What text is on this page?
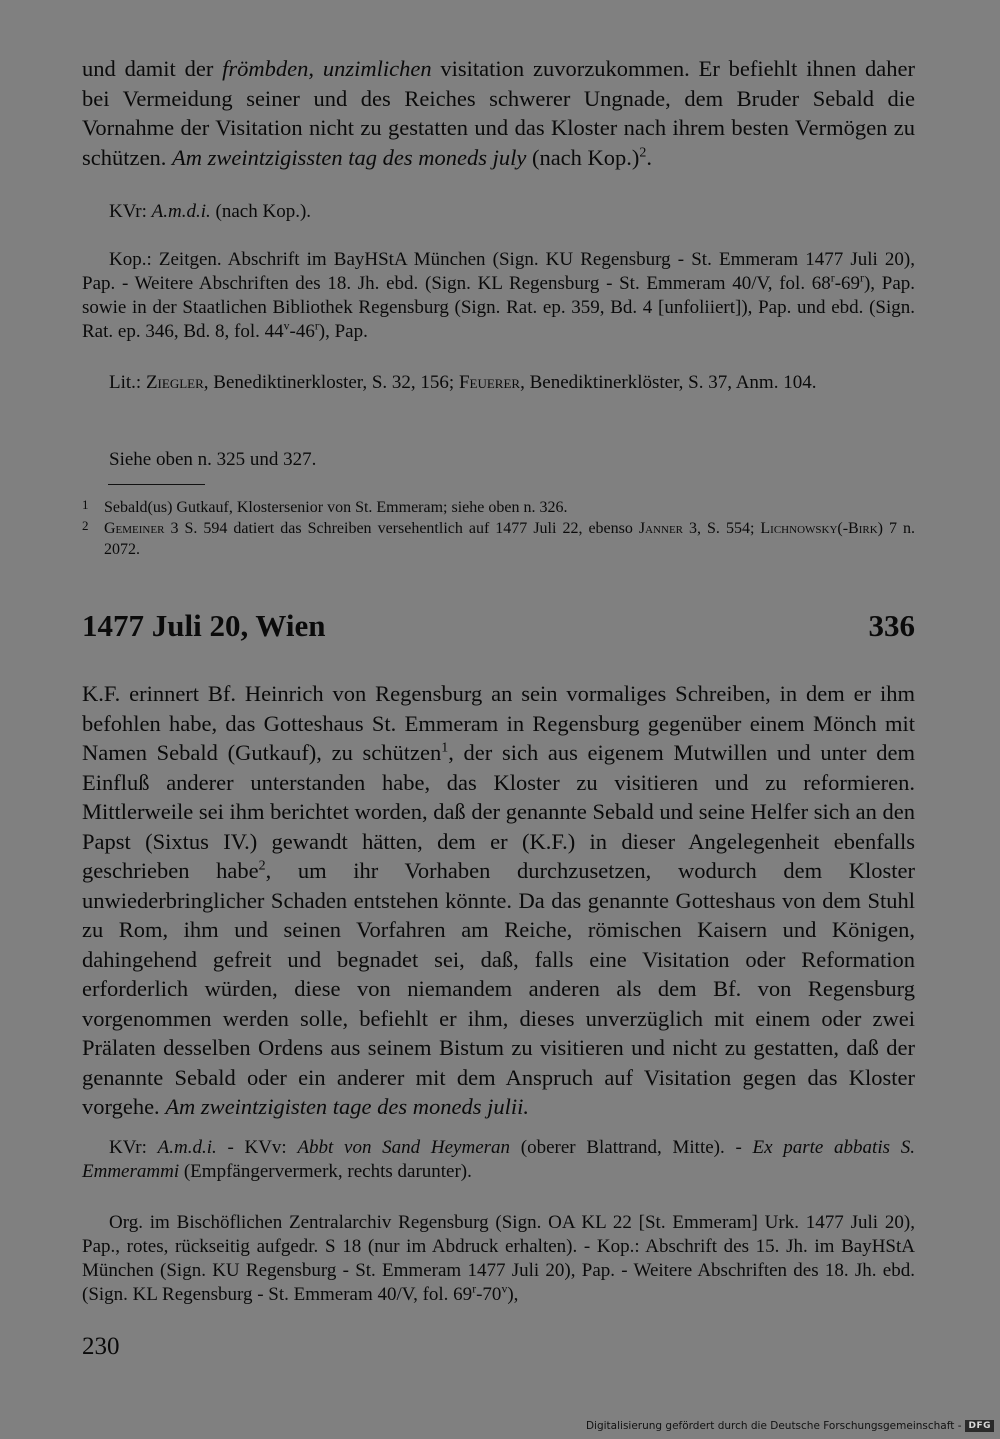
und damit der frömbden, unzimlichen visitation zuvorzukommen. Er befiehlt ihnen daher bei Vermeidung seiner und des Reiches schwerer Ungnade, dem Bruder Sebald die Vornahme der Visitation nicht zu gestatten und das Kloster nach ihrem besten Vermögen zu schützen. Am zweintzigissten tag des moneds july (nach Kop.)$^2$.

KVr: A.m.d.i. (nach Kop.).

Kop.: Zeitgen. Abschrift im BayHStA München (Sign. KU Regensburg - St. Emmeram 1477 Juli 20), Pap. - Weitere Abschriften des 18. Jh. ebd. (Sign. KL Regensburg - St. Emmeram 40/V, fol. 68$^r$-69$^r$), Pap. sowie in der Staatlichen Bibliothek Regensburg (Sign. Rat. ep. 359, Bd. 4 [unfoliiert]), Pap. und ebd. (Sign. Rat. ep. 346, Bd. 8, fol. 44$^v$-46$^r$), Pap.

Lit.: Ziegler, Benediktinerkloster, S. 32, 156; Feuerer, Benediktinerklöster, S. 37, Anm. 104.

Siehe oben n. 325 und 327.

1 Sebald(us) Gutkauf, Klostersenior von St. Emmeram; siehe oben n. 326.
2 Gemeiner 3 S. 594 datiert das Schreiben versehentlich auf 1477 Juli 22, ebenso Janner 3, S. 554; Lichnowsky(-Birk) 7 n. 2072.
1477 Juli 20, Wien	336

K.F. erinnert Bf. Heinrich von Regensburg an sein vormaliges Schreiben, in dem er ihm befohlen habe, das Gotteshaus St. Emmeram in Regensburg gegenüber einem Mönch mit Namen Sebald (Gutkauf), zu schützen$^1$, der sich aus eigenem Mutwillen und unter dem Einfluß anderer unterstanden habe, das Kloster zu visitieren und zu reformieren. Mittlerweile sei ihm berichtet worden, daß der genannte Sebald und seine Helfer sich an den Papst (Sixtus IV.) gewandt hätten, dem er (K.F.) in dieser Angelegenheit ebenfalls geschrieben habe$^2$, um ihr Vorhaben durchzusetzen, wodurch dem Kloster unwiederbringlicher Schaden entstehen könnte. Da das genannte Gotteshaus von dem Stuhl zu Rom, ihm und seinen Vorfahren am Reiche, römischen Kaisern und Königen, dahingehend gefreit und begnadet sei, daß, falls eine Visitation oder Reformation erforderlich würden, diese von niemandem anderen als dem Bf. von Regensburg vorgenommen werden solle, befiehlt er ihm, dieses unverzüglich mit einem oder zwei Prälaten desselben Ordens aus seinem Bistum zu visitieren und nicht zu gestatten, daß der genannte Sebald oder ein anderer mit dem Anspruch auf Visitation gegen das Kloster vorgehe. Am zweintzigisten tage des moneds julii.

KVr: A.m.d.i. - KVv: Abbt von Sand Heymeran (oberer Blattrand, Mitte). - Ex parte abbatis S. Emmerammi (Empfängervermerk, rechts darunter).

Org. im Bischöflichen Zentralarchiv Regensburg (Sign. OA KL 22 [St. Emmeram] Urk. 1477 Juli 20), Pap., rotes, rückseitig aufgedr. S 18 (nur im Abdruck erhalten). - Kop.: Abschrift des 15. Jh. im BayHStA München (Sign. KU Regensburg - St. Emmeram 1477 Juli 20), Pap. - Weitere Abschriften des 18. Jh. ebd. (Sign. KL Regensburg - St. Emmeram 40/V, fol. 69$^r$-70$^v$),

230
Digitalisierung gefördert durch die Deutsche Forschungsgemeinschaft - DFG
